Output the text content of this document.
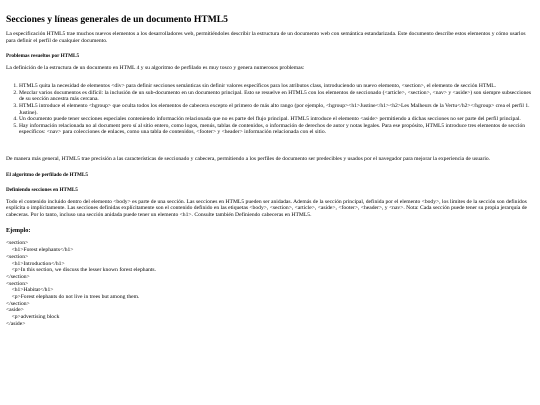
Secciones y líneas generales de un documento HTML5

La especificación HTML5 trae muchos nuevos elementos a los desarrolladores web, permitiéndoles describir la estructura de un documento web con semántica estandarizada. Este documento describe estos elementos y cómo usarlos para definir el perfil de cualquier documento.

Problemas resueltos por HTML5

La definición de la estructura de un documento en HTML 4 y su algoritmo de perfilado es muy tosco y genera numerosos problemas:

1. HTML5 quita la necesidad de elementos <div> para definir secciones semánticas sin definir valores específicos para los atributos class, introduciendo un nuevo elemento, <section>, el elemento de sección HTML.
2. Mezclar varios documentos es difícil: la inclusión de un sub-documento en un documento principal. Esto se resuelve en HTML5 con los elementos de seccionado (<article>, <section>, <nav> y <aside>) son siempre subsecciones de su sección ancestra más cercana.
3. HTML5 introduce el elemento <hgroup> que oculta todos los elementos de cabecera excepto el primero de más alto rango (por ejemplo, <hgroup><h1>Justine</h1><h2>Les Malheurs de la Vertu</h2></hgroup> crea el perfil 1. Justine).
4. Un documento puede tener secciones especiales conteniendo información relacionada que no es parte del flujo principal. HTML5 introduce el elemento <aside> permitiendo a dichas secciones no ser parte del perfil principal.
5. Hay información relacionada no al document pero sí al sitio entero, como logos, menús, tablas de contenidos, o información de derechos de autor y notas legales. Para ese propósito, HTML5 introduce tres elementos de sección específicos: <nav> para colecciones de enlaces, como una tabla de contenidos, <footer> y <header> información relacionada con el sitio.

De manera más general, HTML5 trae precisión a las características de seccionado y cabecera, permitiendo a los perfiles de documento ser predecibles y usados por el navegador para mejorar la experiencia de usuario.

El algoritmo de perfilado de HTML5
Definiendo secciones en HTML5

Todo el contenido incluido dentro del elemento <body> es parte de una sección. Las secciones en HTML5 pueden ser anidadas. Además de la sección principal, definida por el elemento <body>, los límites de la sección son definidos explícita o implícitamente. Las secciones definidas explícitamente son el contenido definido en las etiquetas <body>, <section>, <article>, <aside>, <footer>, <header>, y <nav>. Nota: Cada sección puede tener su propia jerarquía de cabeceras. Por lo tanto, incluso una sección anidada puede tener un elemento <h1>. Consulte también Definiendo cabeceras en HTML5.

Ejemplo:
<section>
<h1>Forest elephants</h1>
<section>
<h1>Introduction</h1>
<p>In this section, we discuss the lesser known forest elephants.
</section>
<section>
<h1>Habitat</h1>
<p>Forest elephants do not live in trees but among them.
</section>
<aside>
<p>advertising block
</aside>
